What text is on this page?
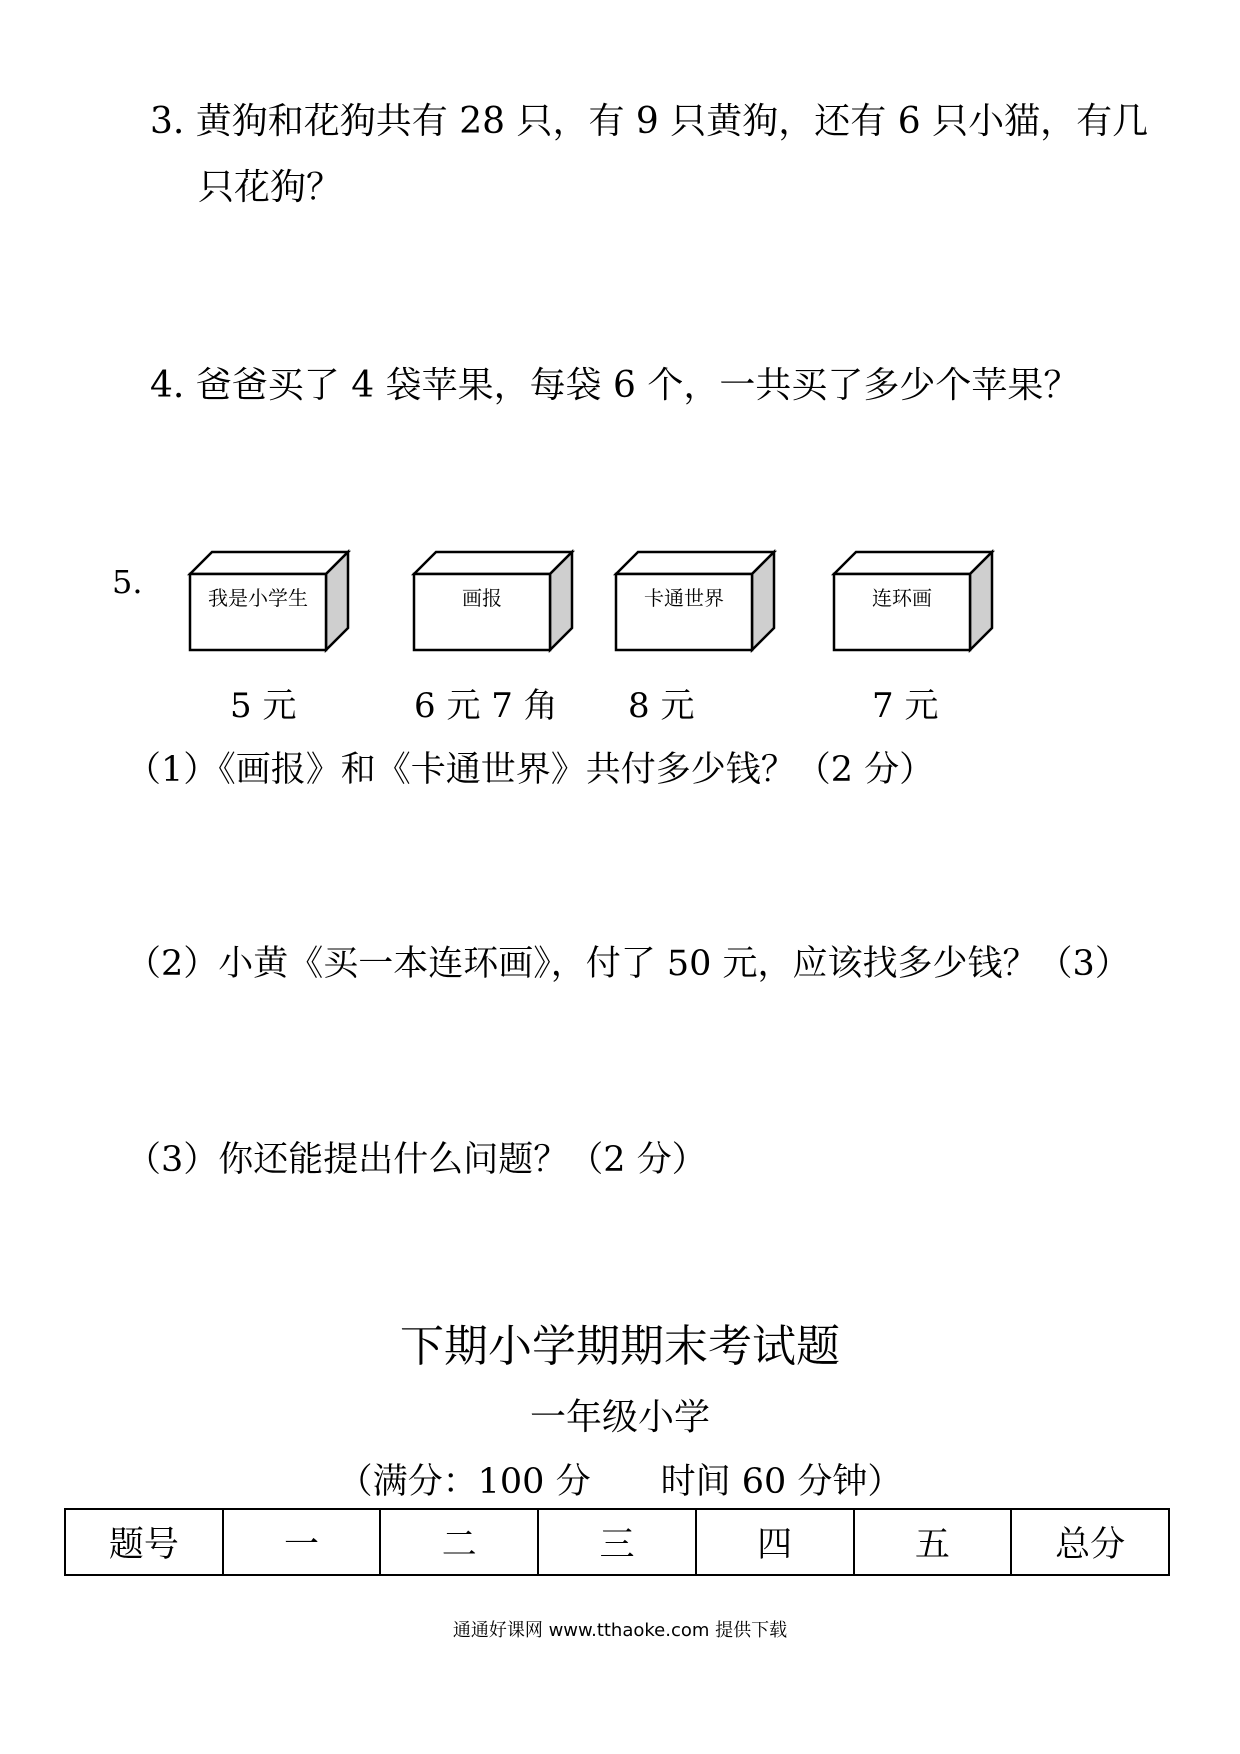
3. 黄狗和花狗共有 28 只，有 9 只黄狗，还有 6 只小猫，有几
只花狗？
4. 爸爸买了 4 袋苹果，每袋 6 个，一共买了多少个苹果？
5.	我是小学生	画报	卡通世界	连环画
5 元	6 元 7 角 8 元	7 元
（1）《画报》和《卡通世界》共付多少钱？（2 分）
（2）小黄《买一本连环画》，付了 50 元，应该找多少钱？（3）
（3）你还能提出什么问题？（2 分）
下期小学期期末考试题
一年级小学
（满分：100 分　　时间 60 分钟）
题号	一	二	三	四	五	总分
通通好课网 www.tthaoke.com 提供下载
